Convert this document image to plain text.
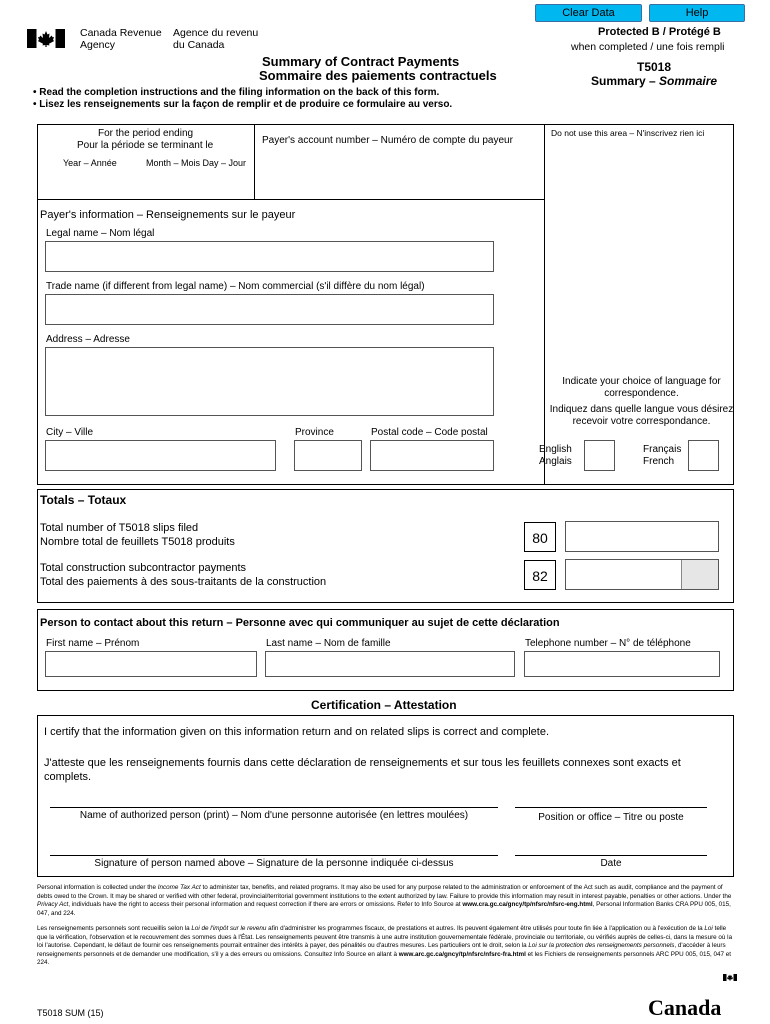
Clear Data	Help
Canada Revenue
Agency
Agence du revenu
du Canada
Summary of Contract Payments
Sommaire des paiements contractuels
Protected B / Protégé B
when completed / une fois rempli
T5018
Summary – Sommaire
• Read the completion instructions and the filing information on the back of this form.
• Lisez les renseignements sur la façon de remplir et de produire ce formulaire au verso.
For the period ending
Pour la période se terminant le
Year – Année	Month – Mois Day – Jour
Payer's account number – Numéro de compte du payeur
Do not use this area – N'inscrivez rien ici
Payer's information – Renseignements sur le payeur
Legal name – Nom légal
Trade name (if different from legal name) – Nom commercial (s'il diffère du nom légal)
Address – Adresse
City – Ville	Province	Postal code – Code postal
Indicate your choice of language for
correspondence.
Indiquez dans quelle langue vous désirez
recevoir votre correspondance.
English
Anglais
Français
French
Totals – Totaux
Total number of T5018 slips filed
Nombre total de feuillets T5018 produits	80
Total construction subcontractor payments
Total des paiements à des sous-traitants de la construction	82
Person to contact about this return – Personne avec qui communiquer au sujet de cette déclaration
First name – Prénom	Last name – Nom de famille	Telephone number – N° de téléphone
Certification – Attestation
I certify that the information given on this information return and on related slips is correct and complete.
J'atteste que les renseignements fournis dans cette déclaration de renseignements et sur tous les feuillets connexes sont exacts et complets.
Name of authorized person (print) – Nom d'une personne autorisée (en lettres moulées)	Position or office – Titre ou poste
Signature of person named above – Signature de la personne indiquée ci-dessus	Date
Personal information is collected under the Income Tax Act to administer tax, benefits, and related programs. It may also be used for any purpose related to the administration or enforcement of the Act such as audit, compliance and the payment of debts owed to the Crown. It may be shared or verified with other federal, provincial/territorial government institutions to the extent authorized by law. Failure to provide this information may result in interest payable, penalties or other actions. Under the Privacy Act, individuals have the right to access their personal information and request correction if there are errors or omissions. Refer to Info Source at www.cra.gc.ca/gncy/tp/nfsrc/nfsrc-eng.html, Personal Information Banks CRA PPU 005, 015, 047, and 224.
Les renseignements personnels sont recueillis selon la Loi de l'impôt sur le revenu afin d'administrer les programmes fiscaux, de prestations et autres. Ils peuvent également être utilisés pour toute fin liée à l'application ou à l'exécution de la Loi telle que la vérification, l'observation et le recouvrement des sommes dues à l'État. Les renseignements peuvent être transmis à une autre institution gouvernementale fédérale, provinciale ou territoriale, ou vérifiés auprès de celles-ci, dans la mesure où la loi l'autorise. Cependant, le défaut de fournir ces renseignements pourrait entraîner des intérêts à payer, des pénalités ou d'autres mesures. Les particuliers ont le droit, selon la Loi sur la protection des renseignements personnels, d'accéder à leurs renseignements personnels et de demander une modification, s'il y a des erreurs ou omissions. Consultez Info Source en allant à www.arc.gc.ca/gncy/tp/nfsrc/nfsrc-fra.html et les Fichiers de renseignements personnels ARC PPU 005, 015, 047 et 224.
T5018 SUM (15)	Canada
